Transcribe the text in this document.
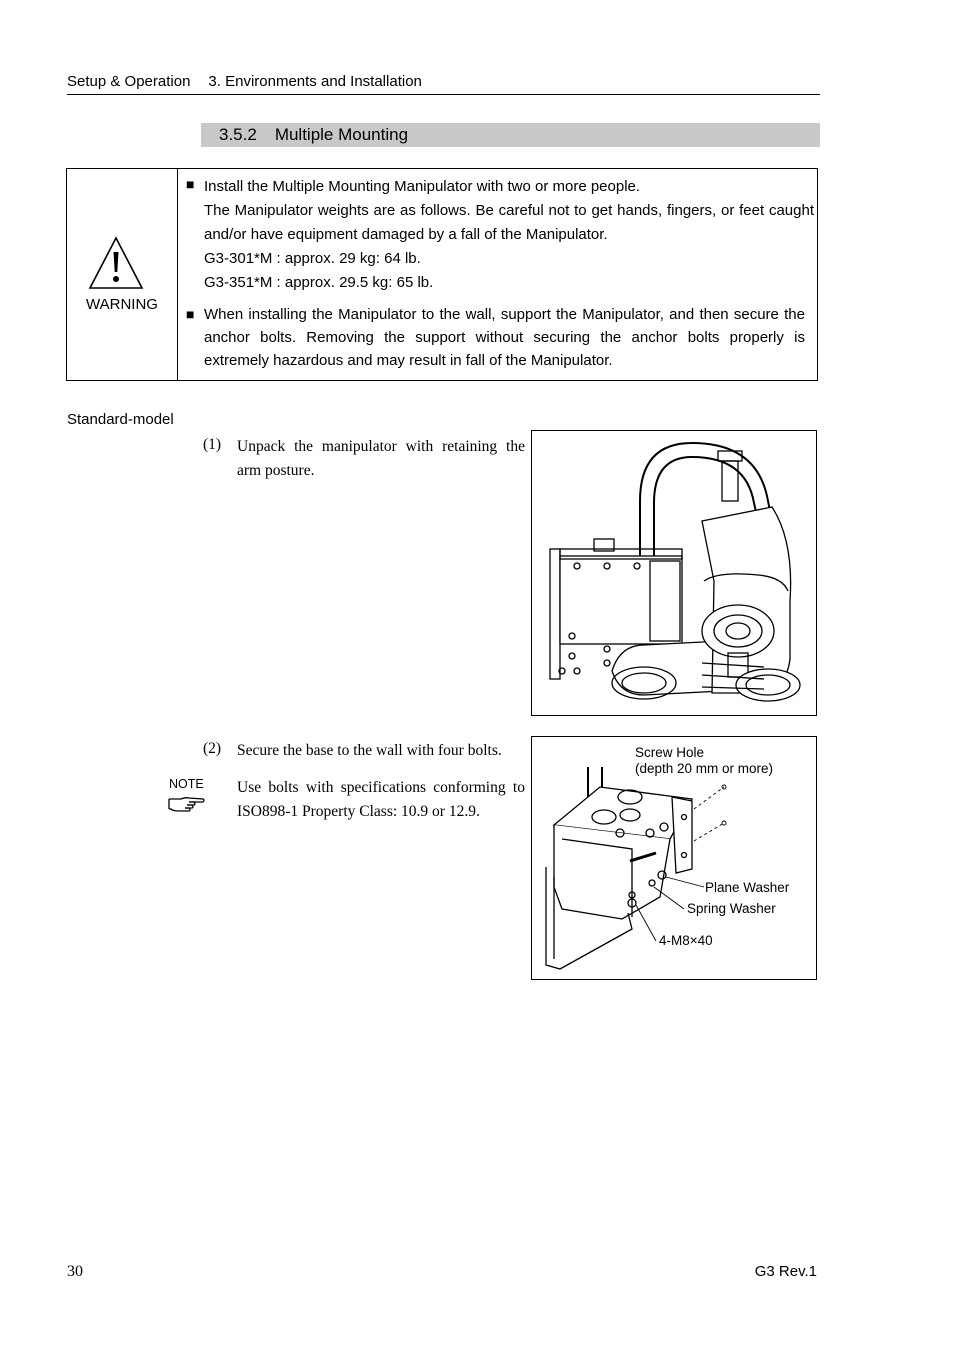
Setup & Operation 3. Environments and Installation
3.5.2 Multiple Mounting
WARNING
■ Install the Multiple Mounting Manipulator with two or more people.
The Manipulator weights are as follows. Be careful not to get hands, fingers, or feet caught and/or have equipment damaged by a fall of the Manipulator.
G3-301*M : approx. 29 kg: 64 lb.
G3-351*M : approx. 29.5 kg: 65 lb.
■ When installing the Manipulator to the wall, support the Manipulator, and then secure the anchor bolts. Removing the support without securing the anchor bolts properly is extremely hazardous and may result in fall of the Manipulator.
Standard-model
(1) Unpack the manipulator with retaining the arm posture.
(2) Secure the base to the wall with four bolts.
NOTE Use bolts with specifications conforming to ISO898-1 Property Class: 10.9 or 12.9.
Screw Hole
(depth 20 mm or more)
Plane Washer
Spring Washer
4-M8×40
30	G3 Rev.1
